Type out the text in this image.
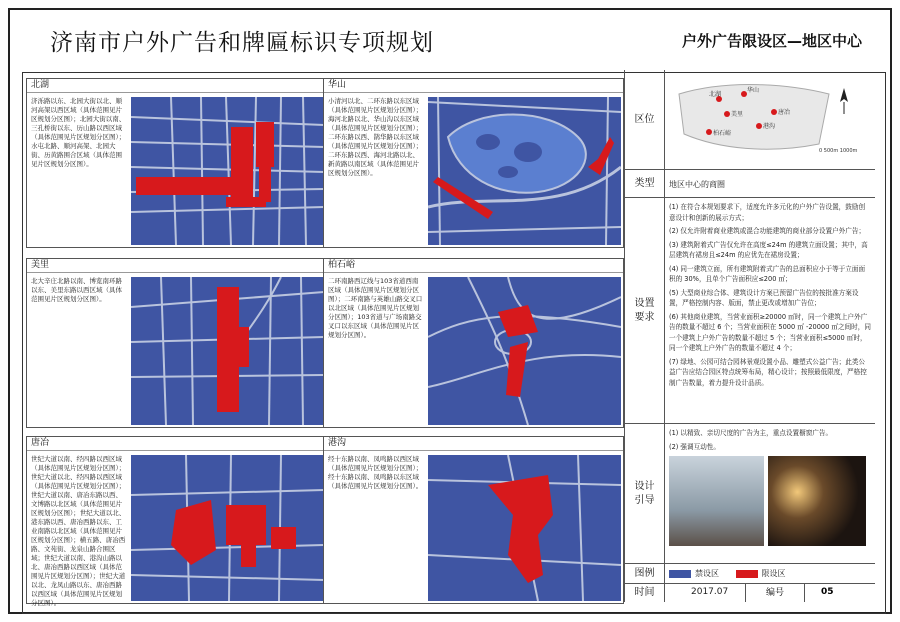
济南市户外广告和牌匾标识专项规划	户外广告限设区—地区中心
北湖
济泺路以东、北园大街以北、顺河高架以西区域（具体范围见片区规划分区图）；北园大街以南、三孔桥街以东、历山路以西区域（具体范围见片区规划分区图）；水屯北路、顺河高架、北园大街、历黄路围合区域（具体范围见片区规划分区图）。
华山
小清河以北、二环东路以东区域（具体范围见片区规划分区图）；海河北路以北、华山沟以东区域（具体范围见片区规划分区图）；二环东路以西、鹊华路以东区域（具体范围见片区规划分区图）；二环东路以西、海河北路以北、新黄路以南区域（具体范围见片区规划分区图）。
美里
北大辛庄北路以南、博览南环路以东、美里东路以西区域（具体范围见片区规划分区图）。
柏石峪
二环南路西辽线与103省道西南区域（具体范围见片区规划分区图）；二环南路与英雄山路交叉口以北区域（具体范围见片区规划分区图）；103省道与广场南路交叉口以东区域（具体范围见片区规划分区图）。
唐冶
世纪大道以南、经四路以西区域（具体范围见片区规划分区图）；世纪大道以北、经四路以西区域（具体范围见片区规划分区图）；世纪大道以南、唐冶东路以西、文博路以北区域（具体范围见片区规划分区图）；世纪大道以北、港东路以西、唐冶西路以东、工业南路以北区域（具体范围见片区规划分区图）；横五路、唐冶西路、文苑街、龙泉山路合围区域；世纪大道以南、港沟山路以北、唐冶西路以西区域（具体范围见片区规划分区图）；世纪大道以北、龙凤山路以东、唐冶西路以西区域（具体范围见片区规划分区图）。
港沟
经十东路以南、凤鸣路以西区域（具体范围见片区规划分区图）；经十东路以南、凤鸣路以东区域（具体范围见片区规划分区图）。
区位
北湖
华山
美里	唐冶
港沟
柏石峪
0 500m 1000m
类型	地区中心的商圈
设置要求
(1) 在符合本规划要求下，适度允许多元化的户外广告设置，鼓励创意设计和创新的展示方式；
(2) 仅允许附着商业建筑或混合功能建筑的商业部分设置户外广告；
(3) 建筑附着式广告仅允许在高度≤24m 的建筑立面设置；其中，高层建筑有裙房且≤24m 的应优先在裙房设置；
(4) 同一建筑立面，所有建筑附着式广告的总面积应小于等于立面面积的 30%，且单个广告面积应≤200 ㎡；
(5) 大型商业综合体、建筑设计方案已预留广告位的按批准方案设置，严格控制内容、版面，禁止更改或增加广告位；
(6) 其他商业建筑，当营业面积≥20000 ㎡时，同一个建筑上户外广告的数量不超过 6 个；当营业面积在 5000 ㎡ -20000 ㎡之间时，同一个建筑上户外广告的数量不超过 5 个；当营业面积≤5000 ㎡时，同一个建筑上户外广告的数量不超过 4 个；
(7) 绿地、公园可结合园林景观设置小品、雕塑式公益广告；此类公益广告应结合园区特点统筹布局，精心设计；按照最低限度，严格控制广告数量，着力提升设计品质。
设计引导
(1) 以精致、亲切尺度的广告为主，重点设置橱窗广告。
(2) 强调互动性。
图例	禁设区	限设区
时间	2017.07	编号	05
